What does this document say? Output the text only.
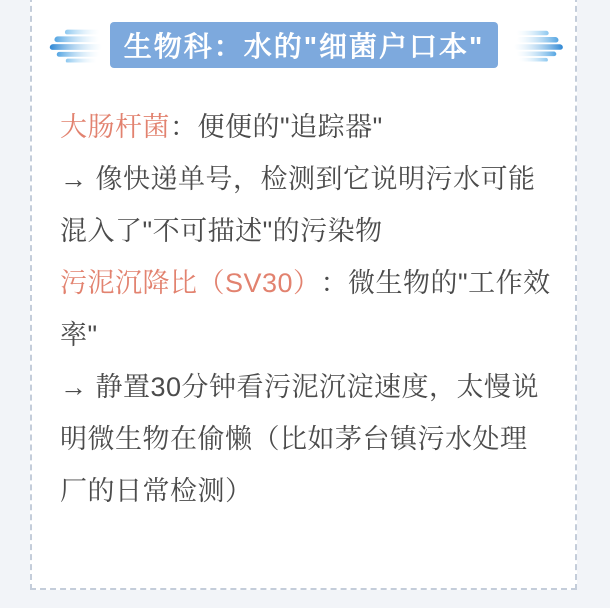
生物科：水的"细菌户口本"
大肠杆菌 ：便便的"追踪器"
→ 像快递单号，检测到它说明污水可能
混入了"不可描述"的污染物
污泥沉降比（SV30） ：微生物的"工作效
率"
→ 静置30分钟看污泥沉淀速度，太慢说
明微生物在偷懒（比如茅台镇污水处理
厂的日常检测）
